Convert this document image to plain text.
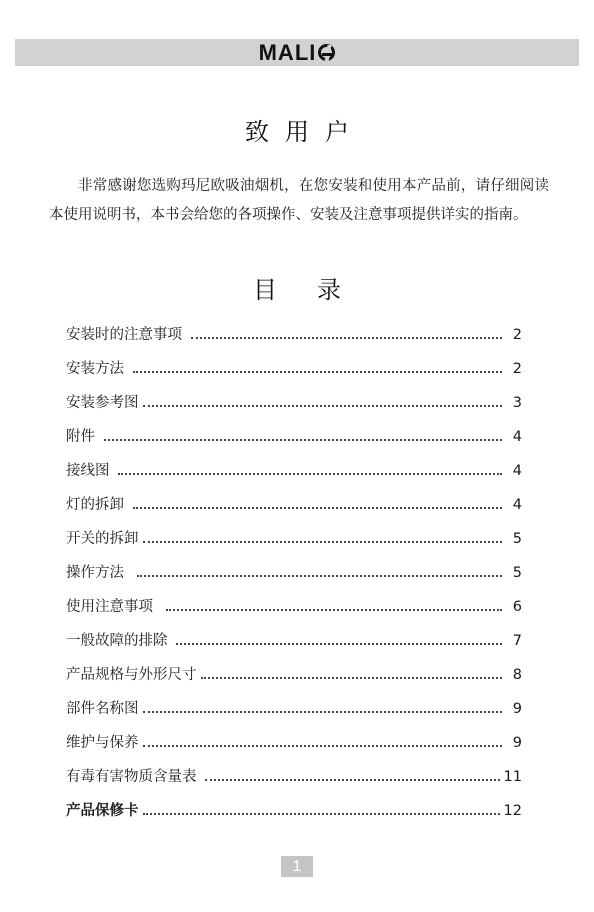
MALI
致用户

非常感谢您选购玛尼欧吸油烟机，在您安装和使用本产品前，请仔细阅读本使用说明书，本书会给您的各项操作、安装及注意事项提供详实的指南。

目录
安装时的注意事项	2
安装方法	2
安装参考图	3
附件	4
接线图	4
灯的拆卸	4
开关的拆卸	5
操作方法	5
使用注意事项	6
一般故障的排除	7
产品规格与外形尺寸	8
部件名称图	9
维护与保养	9
有毒有害物质含量表	11
产品保修卡	12
1
